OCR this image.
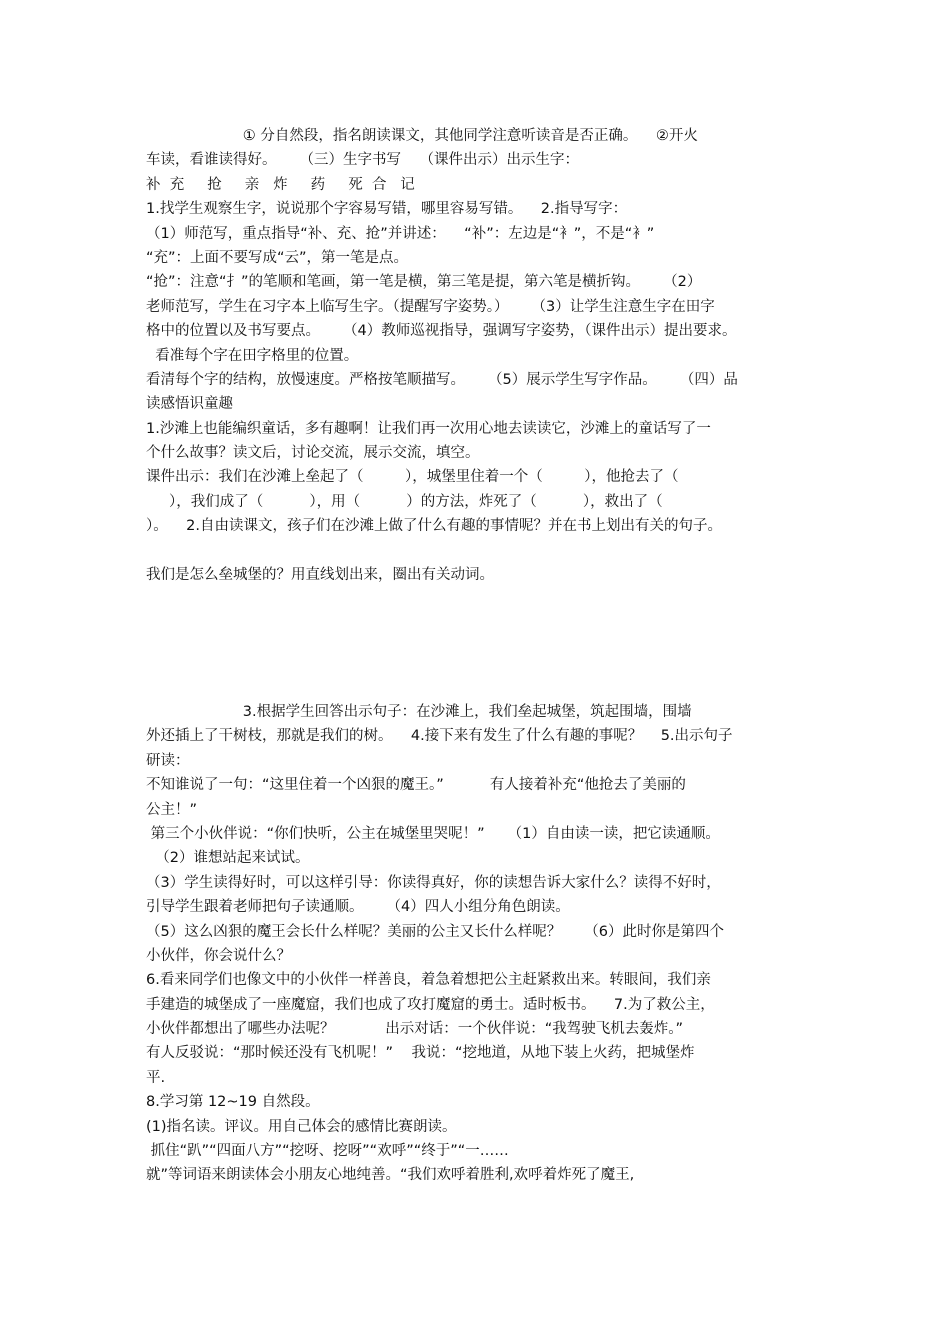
① 分自然段，指名朗读课文，其他同学注意听读音是否正确。    ②开火
车读，看谁读得好。     （三）生字书写    （课件出示）出示生字：
补  充     抢     亲   炸     药     死  合   记
1.找学生观察生字，说说那个字容易写错，哪里容易写错。    2.指导写字：
（1）师范写，重点指导“补、充、抢”并讲述：    “补”：左边是“衤”，不是“衤”
“充”：上面不要写成“云”，第一笔是点。
“抢”：注意“扌”的笔顺和笔画，第一笔是横，第三笔是提，第六笔是横折钩。     （2）
老师范写，学生在习字本上临写生字。（提醒写字姿势。）     （3）让学生注意生字在田字
格中的位置以及书写要点。     （4）教师巡视指导，强调写字姿势，（课件出示）提出要求。
看准每个字在田字格里的位置。
看清每个字的结构，放慢速度。严格按笔顺描写。     （5）展示学生写字作品。     （四）品
读感悟识童趣
1.沙滩上也能编织童话，多有趣啊！让我们再一次用心地去读读它，沙滩上的童话写了一
个什么故事？读文后，讨论交流，展示交流，填空。
课件出示：我们在沙滩上垒起了（         ），城堡里住着一个（         ），他抢去了（
），我们成了（          ），用（          ）的方法，炸死了（          ），救出了（
）。    2.自由读课文，孩子们在沙滩上做了什么有趣的事情呢？并在书上划出有关的句子。
我们是怎么垒城堡的？用直线划出来，圈出有关动词。
3.根据学生回答出示句子：在沙滩上，我们垒起城堡，筑起围墙，围墙
外还插上了干树枝，那就是我们的树。    4.接下来有发生了什么有趣的事呢？    5.出示句子
研读：
不知谁说了一句：“这里住着一个凶狠的魔王。”          有人接着补充“他抢去了美丽的
公主！”
第三个小伙伴说：“你们快听，公主在城堡里哭呢！”     （1）自由读一读，把它读通顺。
（2）谁想站起来试试。
（3）学生读得好时，可以这样引导：你读得真好，你的读想告诉大家什么？读得不好时，
引导学生跟着老师把句子读通顺。     （4）四人小组分角色朗读。
（5）这么凶狠的魔王会长什么样呢？美丽的公主又长什么样呢？     （6）此时你是第四个
小伙伴，你会说什么？
6.看来同学们也像文中的小伙伴一样善良，着急着想把公主赶紧救出来。转眼间，我们亲
手建造的城堡成了一座魔窟，我们也成了攻打魔窟的勇士。适时板书。    7.为了救公主，
小伙伴都想出了哪些办法呢？           出示对话：一个伙伴说：“我驾驶飞机去轰炸。”
有人反驳说：“那时候还没有飞机呢！”    我说：“挖地道，从地下装上火药，把城堡炸
平.
8.学习第 12~19 自然段。
(1)指名读。评议。用自己体会的感情比赛朗读。
抓住“趴”“四面八方”“挖呀、挖呀”“欢呼”“终于”“一……
就”等词语来朗读体会小朋友心地纯善。“我们欢呼着胜利,欢呼着炸死了魔王,
